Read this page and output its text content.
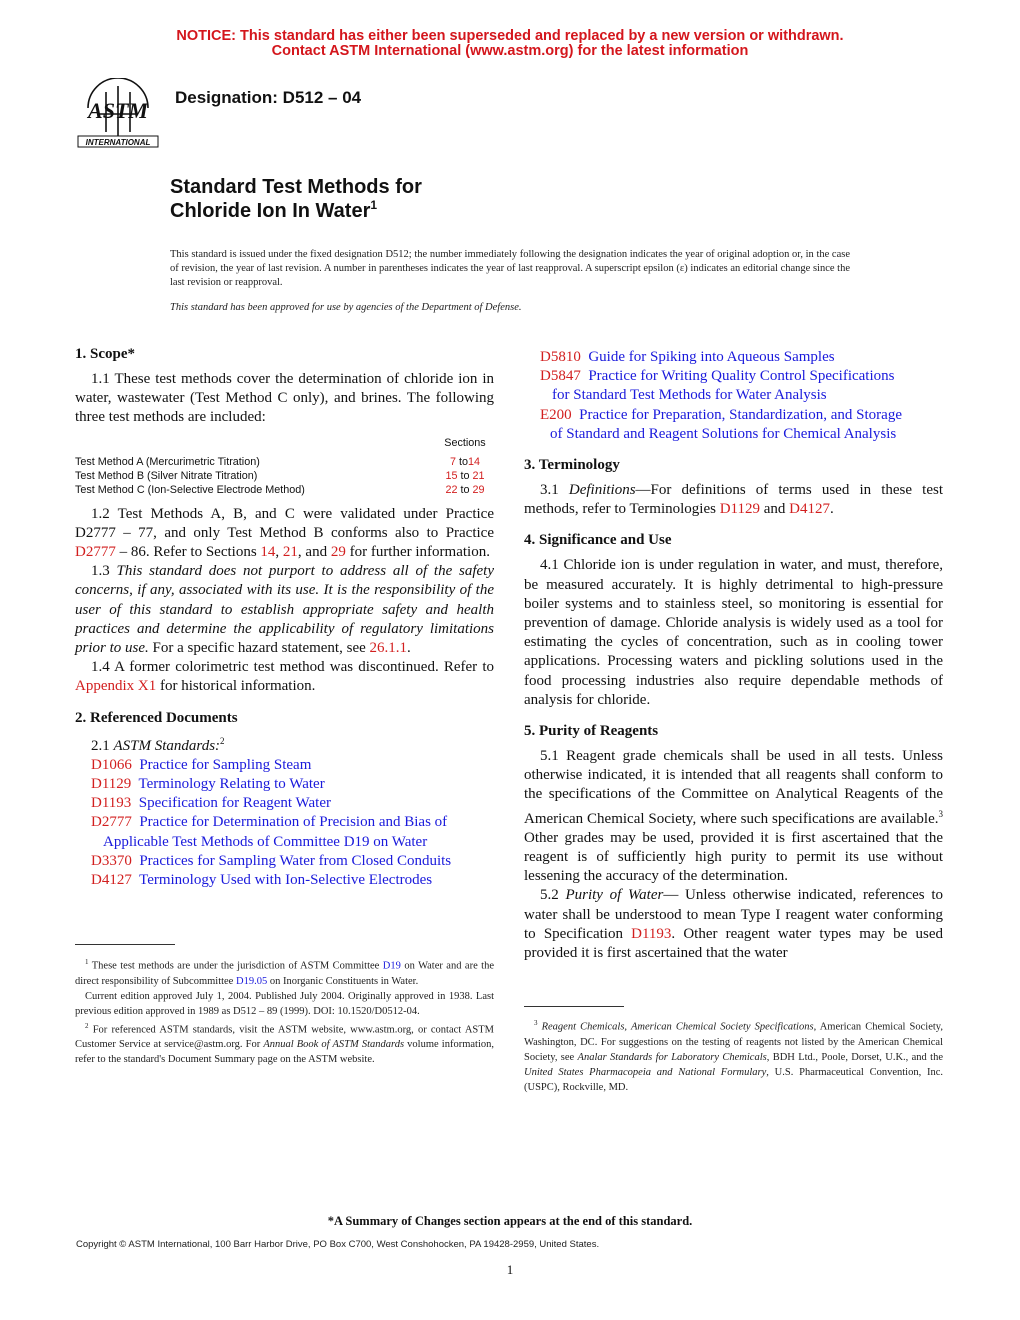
NOTICE: This standard has either been superseded and replaced by a new version or withdrawn.
Contact ASTM International (www.astm.org) for the latest information
ASTM
INTERNATIONAL
Designation: D512 – 04
Standard Test Methods for
Chloride Ion In Water$^1$
This standard is issued under the fixed designation D512; the number immediately following the designation indicates the year of original adoption or, in the case of revision, the year of last revision. A number in parentheses indicates the year of last reapproval. A superscript epsilon (ε) indicates an editorial change since the last revision or reapproval.
This standard has been approved for use by agencies of the Department of Defense.
1. Scope*

1.1 These test methods cover the determination of chloride ion in water, wastewater (Test Method C only), and brines. The following three test methods are included:

Sections
Test Method A (Mercurimetric Titration)	7 to14
Test Method B (Silver Nitrate Titration)	15 to 21
Test Method C (Ion-Selective Electrode Method)	22 to 29

1.2 Test Methods A, B, and C were validated under Practice D2777 – 77, and only Test Method B conforms also to Practice D2777 – 86. Refer to Sections 14, 21, and 29 for further information.

1.3 This standard does not purport to address all of the safety concerns, if any, associated with its use. It is the responsibility of the user of this standard to establish appropriate safety and health practices and determine the applicability of regulatory limitations prior to use. For a specific hazard statement, see 26.1.1.

1.4 A former colorimetric test method was discontinued. Refer to Appendix X1 for historical information.

2. Referenced Documents

2.1 ASTM Standards:$^2$

D1066 Practice for Sampling Steam
D1129 Terminology Relating to Water
D1193 Specification for Reagent Water
D2777 Practice for Determination of Precision and Bias of
Applicable Test Methods of Committee D19 on Water
D3370 Practices for Sampling Water from Closed Conduits
D4127 Terminology Used with Ion-Selective Electrodes

$^1$ These test methods are under the jurisdiction of ASTM Committee D19 on Water and are the direct responsibility of Subcommittee D19.05 on Inorganic Constituents in Water.

Current edition approved July 1, 2004. Published July 2004. Originally approved in 1938. Last previous edition approved in 1989 as D512 – 89 (1999). DOI: 10.1520/D0512-04.

$^2$ For referenced ASTM standards, visit the ASTM website, www.astm.org, or contact ASTM Customer Service at service@astm.org. For Annual Book of ASTM Standards volume information, refer to the standard's Document Summary page on the ASTM website.

D5810 Guide for Spiking into Aqueous Samples
D5847 Practice for Writing Quality Control Specifications
for Standard Test Methods for Water Analysis
E200 Practice for Preparation, Standardization, and Storage
of Standard and Reagent Solutions for Chemical Analysis
3. Terminology

3.1 Definitions—For definitions of terms used in these test methods, refer to Terminologies D1129 and D4127.

4. Significance and Use

4.1 Chloride ion is under regulation in water, and must, therefore, be measured accurately. It is highly detrimental to high-pressure boiler systems and to stainless steel, so monitoring is essential for prevention of damage. Chloride analysis is widely used as a tool for estimating the cycles of concentration, such as in cooling tower applications. Processing waters and pickling solutions used in the food processing industries also require dependable methods of analysis for chloride.

5. Purity of Reagents

5.1 Reagent grade chemicals shall be used in all tests. Unless otherwise indicated, it is intended that all reagents shall conform to the specifications of the Committee on Analytical Reagents of the American Chemical Society, where such specifications are available.$^3$ Other grades may be used, provided it is first ascertained that the reagent is of sufficiently high purity to permit its use without lessening the accuracy of the determination.

5.2 Purity of Water— Unless otherwise indicated, references to water shall be understood to mean Type I reagent water conforming to Specification D1193. Other reagent water types may be used provided it is first ascertained that the water

$^3$ Reagent Chemicals, American Chemical Society Specifications, American Chemical Society, Washington, DC. For suggestions on the testing of reagents not listed by the American Chemical Society, see Analar Standards for Laboratory Chemicals, BDH Ltd., Poole, Dorset, U.K., and the United States Pharmacopeia and National Formulary, U.S. Pharmaceutical Convention, Inc. (USPC), Rockville, MD.

*A Summary of Changes section appears at the end of this standard.
Copyright © ASTM International, 100 Barr Harbor Drive, PO Box C700, West Conshohocken, PA 19428-2959, United States.
1
